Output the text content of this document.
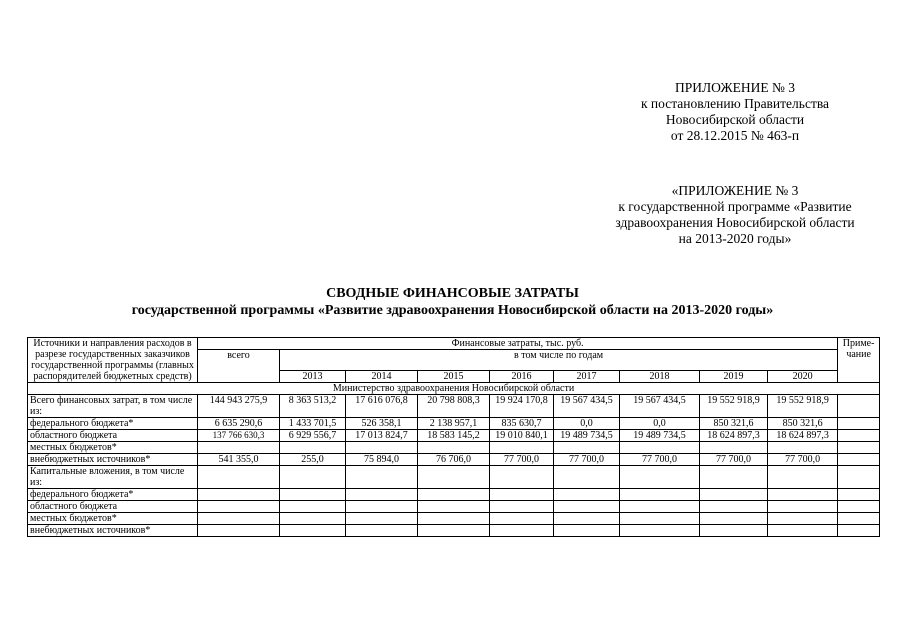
ПРИЛОЖЕНИЕ № 3
к постановлению Правительства
Новосибирской области
от 28.12.2015 № 463-п
«ПРИЛОЖЕНИЕ № 3
к государственной программе «Развитие
здравоохранения Новосибирской области
на 2013-2020 годы»
СВОДНЫЕ ФИНАНСОВЫЕ ЗАТРАТЫ
государственной программы «Развитие здравоохранения Новосибирской области на 2013-2020 годы»
Источники и направления расходов в разрезе государственных заказчиков государственной программы (главных распорядителей бюджетных средств)	Финансовые затраты, тыс. руб.									Приме-чание
	всего	в том числе по годам								
		2013	2014	2015	2016	2017	2018	2019	2020	
Министерство здравоохранения Новосибирской области										
Всего финансовых затрат, в том числе из:	144 943 275,9	8 363 513,2	17 616 076,8	20 798 808,3	19 924 170,8	19 567 434,5	19 567 434,5	19 552 918,9	19 552 918,9	
федерального бюджета*	6 635 290,6	1 433 701,5	526 358,1	2 138 957,1	835 630,7	0,0	0,0	850 321,6	850 321,6	
областного бюджета	137 766 630,3	6 929 556,7	17 013 824,7	18 583 145,2	19 010 840,1	19 489 734,5	19 489 734,5	18 624 897,3	18 624 897,3	
местных бюджетов*										
внебюджетных источников*	541 355,0	255,0	75 894,0	76 706,0	77 700,0	77 700,0	77 700,0	77 700,0	77 700,0	
Капитальные вложения, в том числе из:										
федерального бюджета*										
областного бюджета										
местных бюджетов*										
внебюджетных источников*										
